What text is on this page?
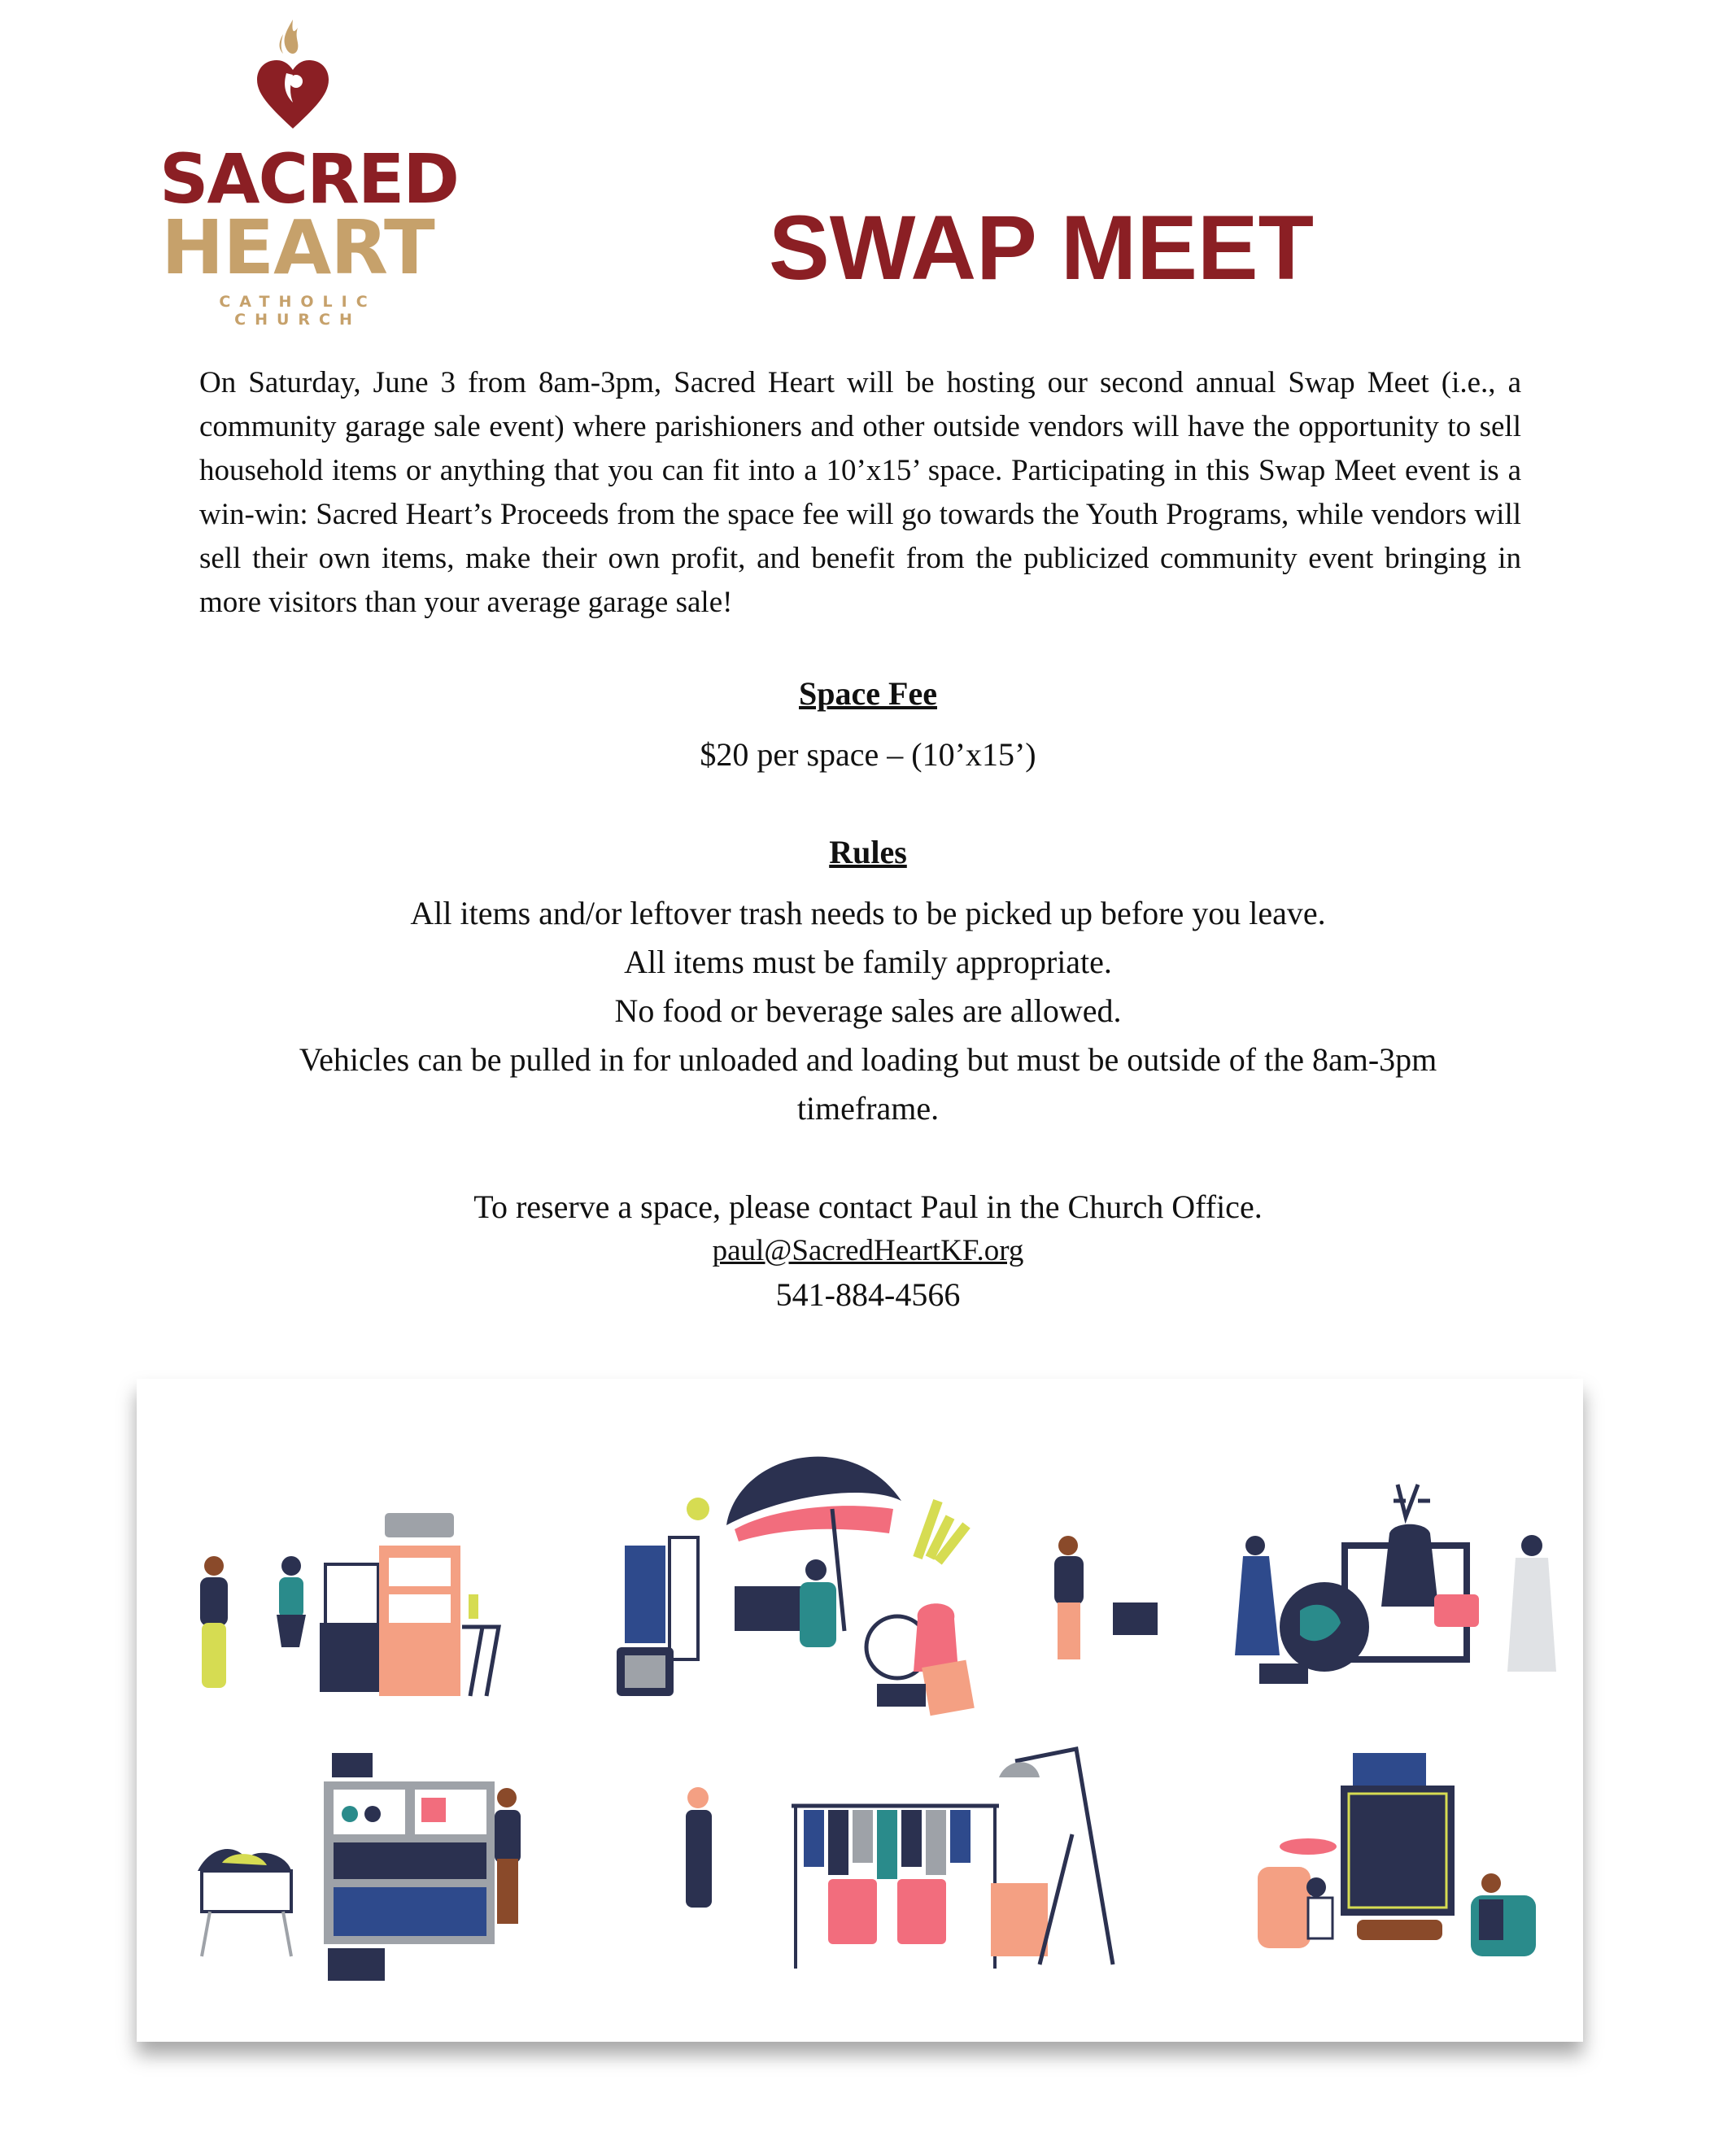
SACRED
HEART
CATHOLIC CHURCH
SWAP MEET

On Saturday, June 3 from 8am-3pm, Sacred Heart will be hosting our second annual Swap Meet (i.e., a community garage sale event) where parishioners and other outside vendors will have the opportunity to sell household items or anything that you can fit into a 10’x15’ space. Participating in this Swap Meet event is a win-win: Sacred Heart’s Proceeds from the space fee will go towards the Youth Programs, while vendors will sell their own items, make their own profit, and benefit from the publicized community event bringing in more visitors than your average garage sale!

Space Fee
$20 per space – (10’x15’)
Rules
All items and/or leftover trash needs to be picked up before you leave.
All items must be family appropriate.
No food or beverage sales are allowed.
Vehicles can be pulled in for unloaded and loading but must be outside of the 8am-3pm
timeframe.
To reserve a space, please contact Paul in the Church Office.
paul@SacredHeartKF.org
541-884-4566
